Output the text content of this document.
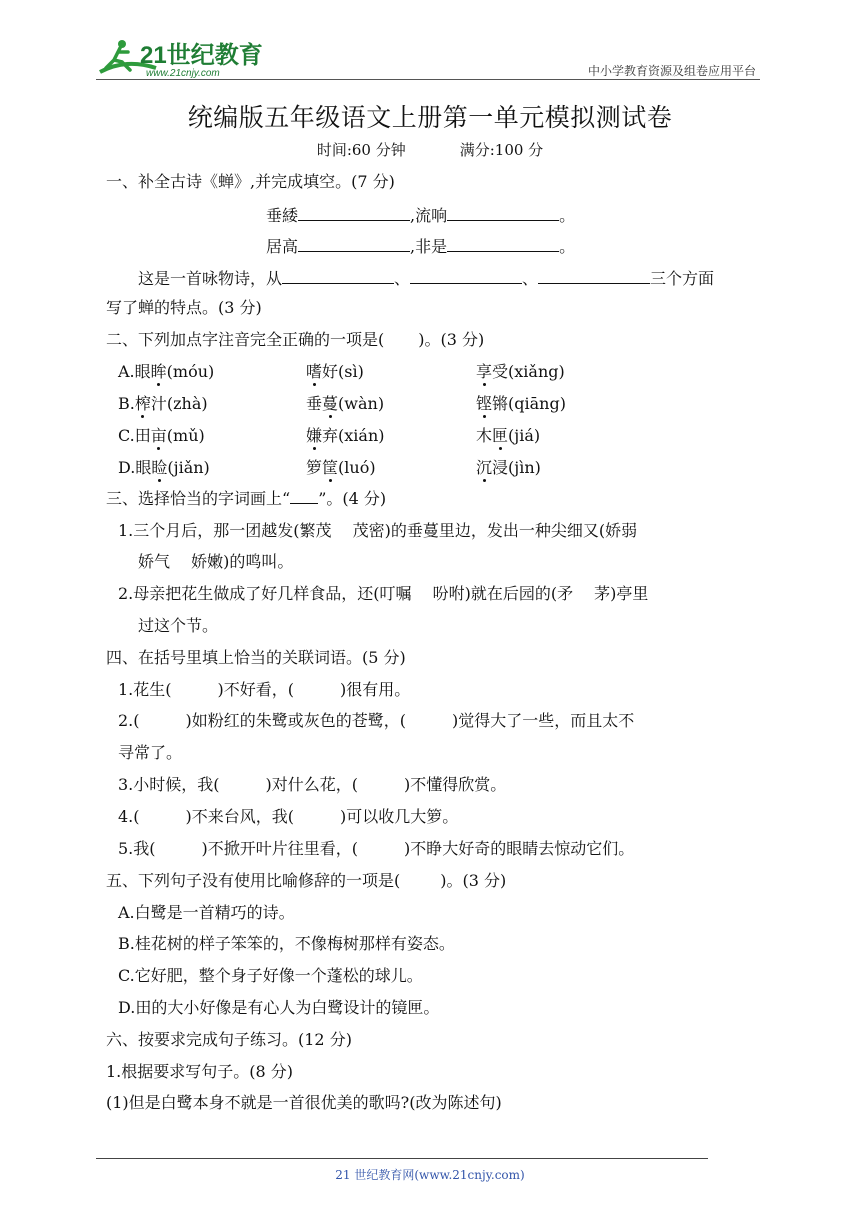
21世纪教育
www.21cnjy.com	中小学教育资源及组卷应用平台
统编版五年级语文上册第一单元模拟测试卷
时间:60 分钟	满分:100 分
一、补全古诗《蝉》,并完成填空。(7 分)
垂緌	,流响	。
居高	,非是	。
这是一首咏物诗，从	、	、	三个方面
写了蝉的特点。(3 分)
二、下列加点字注音完全正确的一项是( )。(3 分)
A.眼眸(móu)	嗜好(sì)	享受(xiǎng)
B.榨汁(zhà)	垂蔓(wàn)	铿锵(qiāng)
C.田亩(mǔ)	嫌弃(xián)	木匣(jiá)
D.眼睑(jiǎn)	箩筐(luó)	沉浸(jìn)
三、选择恰当的字词画上“ ”。(4 分)
1.三个月后，那一团越发(繁茂　 茂密)的垂蔓里边，发出一种尖细又(娇弱
娇气　 娇嫩)的鸣叫。
2.母亲把花生做成了好几样食品，还(叮嘱　 吩咐)就在后园的(矛　 茅)亭里
过这个节。
四、在括号里填上恰当的关联词语。(5 分)
1.花生(	)不好看，(	)很有用。
2.(	)如粉红的朱鹭或灰色的苍鹭，(	)觉得大了一些，而且太不
寻常了。
3.小时候，我(	)对什么花，(	)不懂得欣赏。
4.(	)不来台风，我(	)可以收几大箩。
5.我(	)不掀开叶片往里看，(	)不睁大好奇的眼睛去惊动它们。
五、下列句子没有使用比喻修辞的一项是(	)。(3 分)
A.白鹭是一首精巧的诗。
B.桂花树的样子笨笨的，不像梅树那样有姿态。
C.它好肥，整个身子好像一个蓬松的球儿。
D.田的大小好像是有心人为白鹭设计的镜匣。
六、按要求完成句子练习。(12 分)
1.根据要求写句子。(8 分)
(1)但是白鹭本身不就是一首很优美的歌吗?(改为陈述句)
21 世纪教育网(www.21cnjy.com)
